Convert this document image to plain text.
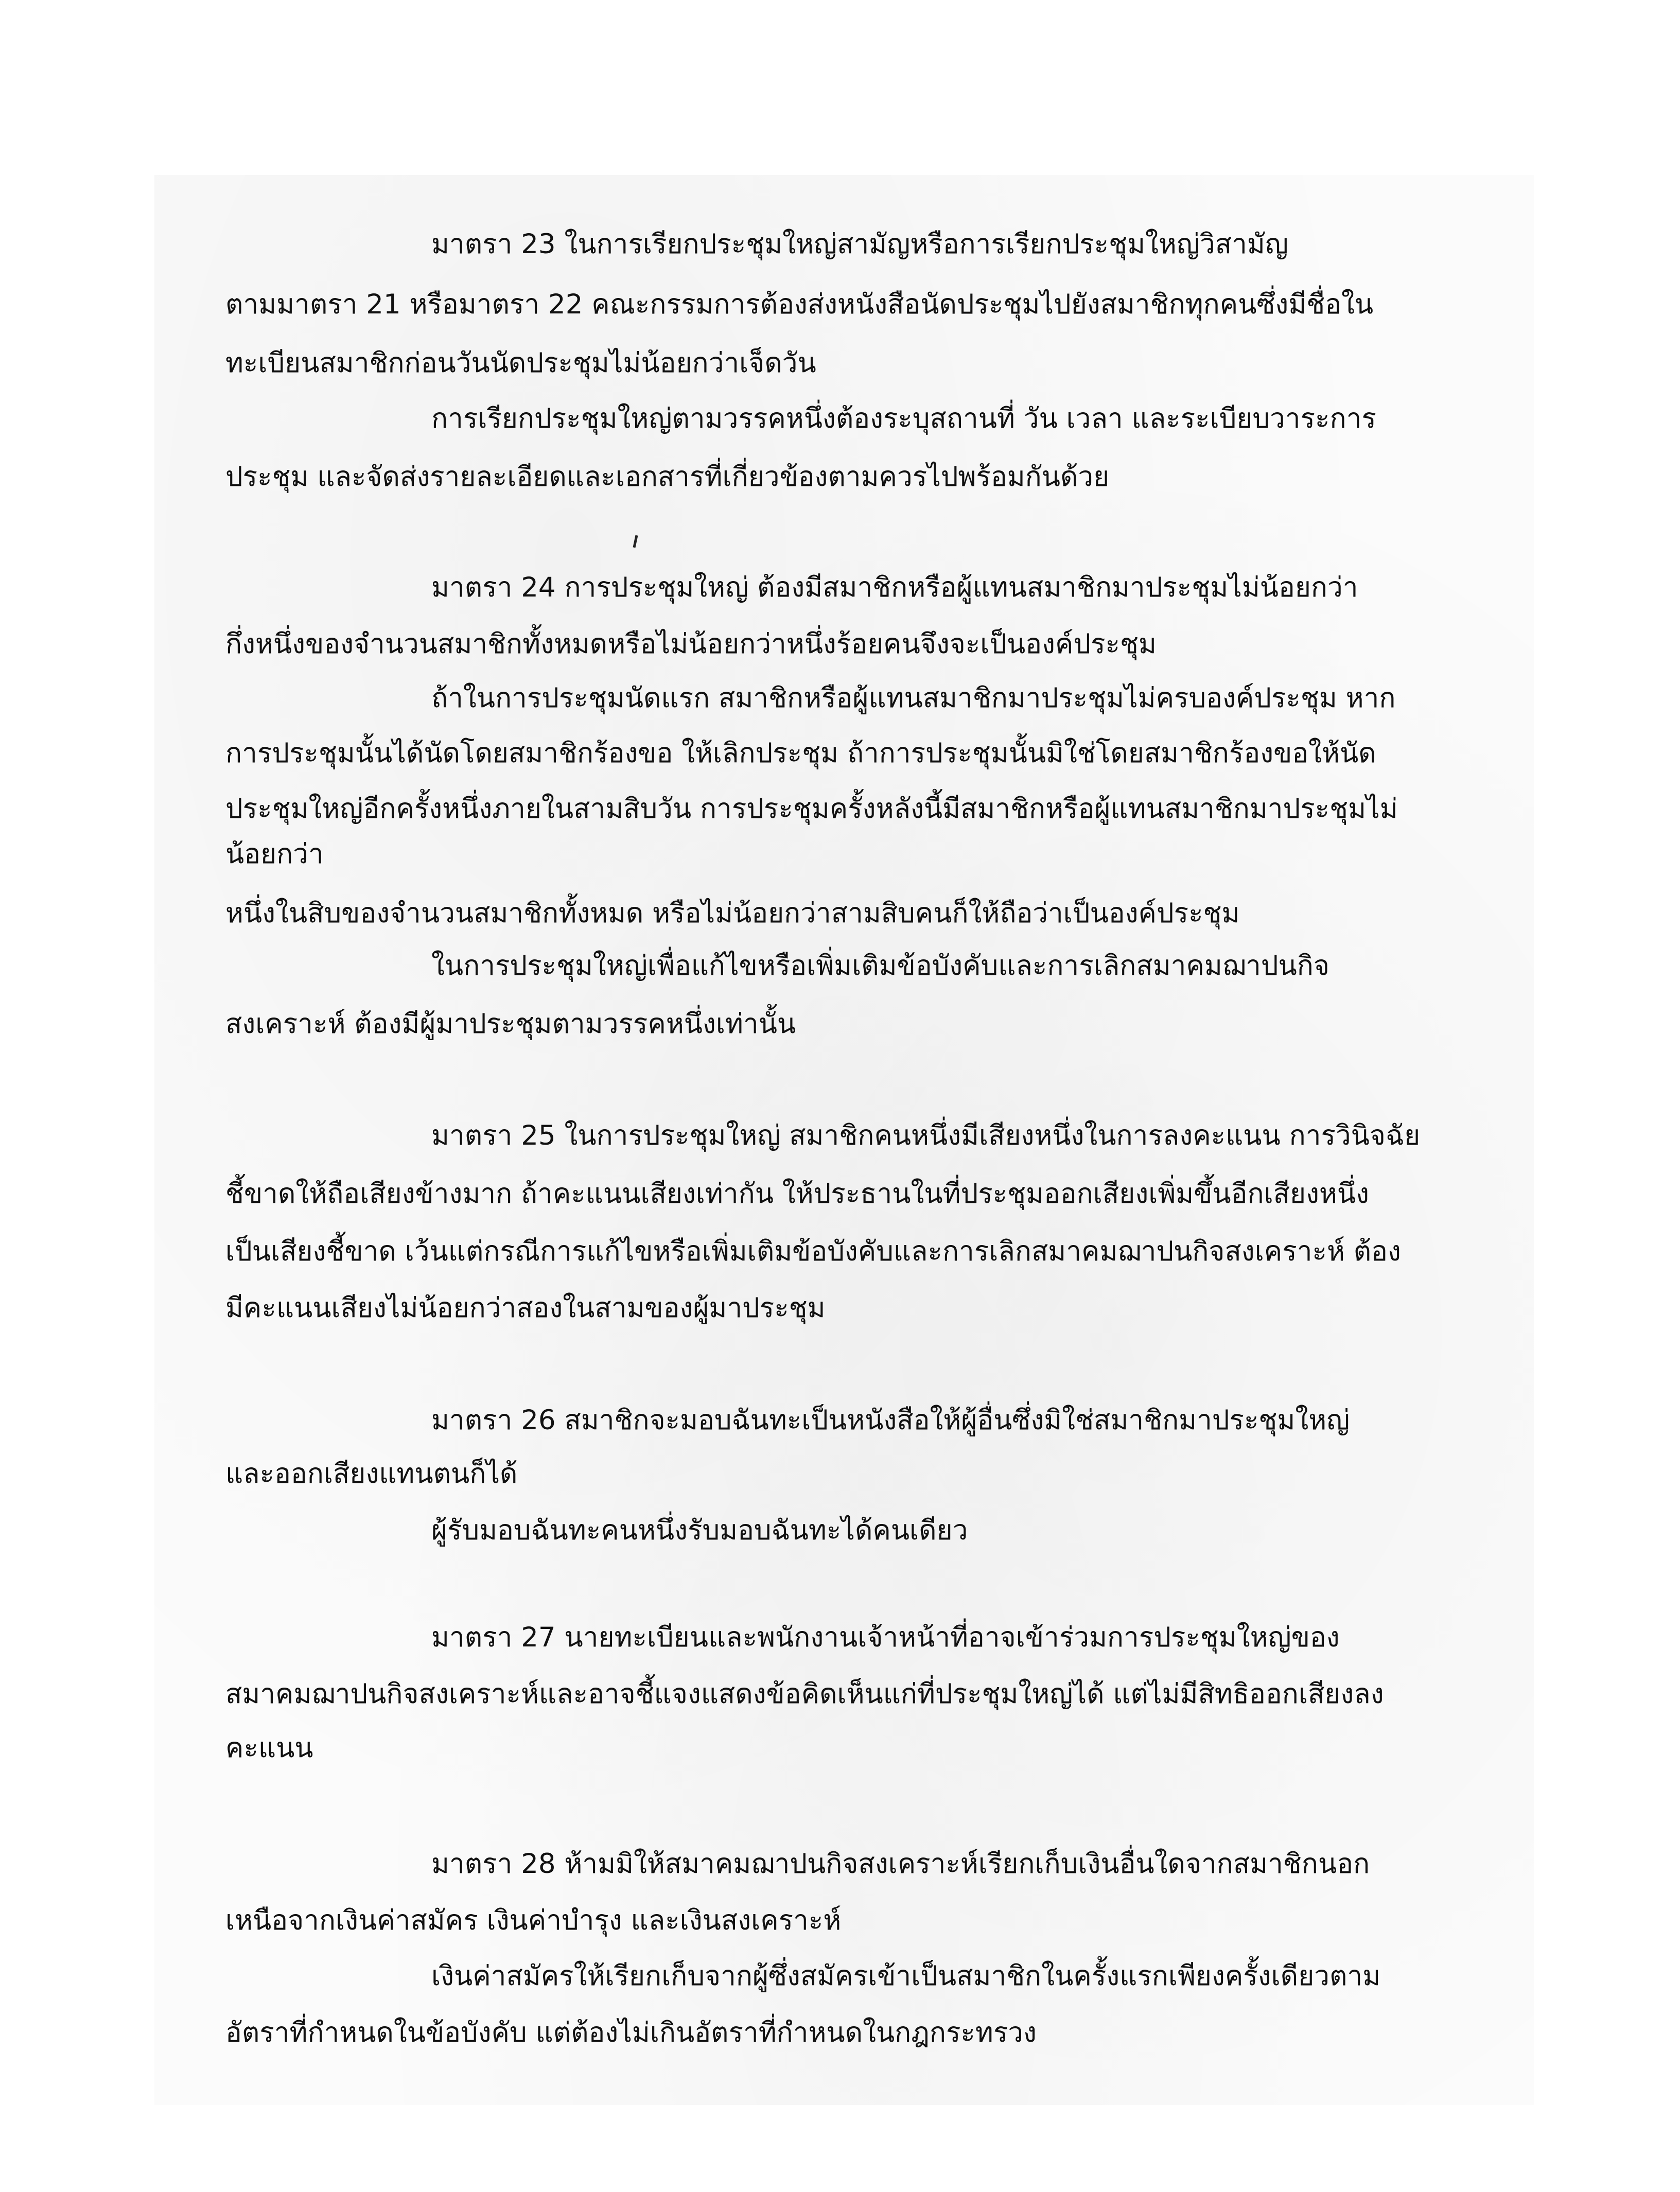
มาตรา 23 ในการเรียกประชุมใหญ่สามัญหรือการเรียกประชุมใหญ่วิสามัญ

ตามมาตรา 21 หรือมาตรา 22 คณะกรรมการต้องส่งหนังสือนัดประชุมไปยังสมาชิกทุกคนซึ่งมีชื่อใน

ทะเบียนสมาชิกก่อนวันนัดประชุมไม่น้อยกว่าเจ็ดวัน

การเรียกประชุมใหญ่ตามวรรคหนึ่งต้องระบุสถานที่ วัน เวลา และระเบียบวาระการ

ประชุม และจัดส่งรายละเอียดและเอกสารที่เกี่ยวข้องตามควรไปพร้อมกันด้วย

มาตรา 24 การประชุมใหญ่ ต้องมีสมาชิกหรือผู้แทนสมาชิกมาประชุมไม่น้อยกว่า

กึ่งหนึ่งของจำนวนสมาชิกทั้งหมดหรือไม่น้อยกว่าหนึ่งร้อยคนจึงจะเป็นองค์ประชุม

ถ้าในการประชุมนัดแรก สมาชิกหรือผู้แทนสมาชิกมาประชุมไม่ครบองค์ประชุม หาก

การประชุมนั้นได้นัดโดยสมาชิกร้องขอ ให้เลิกประชุม ถ้าการประชุมนั้นมิใช่โดยสมาชิกร้องขอให้นัด

ประชุมใหญ่อีกครั้งหนึ่งภายในสามสิบวัน การประชุมครั้งหลังนี้มีสมาชิกหรือผู้แทนสมาชิกมาประชุมไม่

น้อยกว่า

หนึ่งในสิบของจำนวนสมาชิกทั้งหมด หรือไม่น้อยกว่าสามสิบคนก็ให้ถือว่าเป็นองค์ประชุม

ในการประชุมใหญ่เพื่อแก้ไขหรือเพิ่มเติมข้อบังคับและการเลิกสมาคมฌาปนกิจ

สงเคราะห์ ต้องมีผู้มาประชุมตามวรรคหนึ่งเท่านั้น

มาตรา 25 ในการประชุมใหญ่ สมาชิกคนหนึ่งมีเสียงหนึ่งในการลงคะแนน การวินิจฉัย

ชี้ขาดให้ถือเสียงข้างมาก ถ้าคะแนนเสียงเท่ากัน ให้ประธานในที่ประชุมออกเสียงเพิ่มขึ้นอีกเสียงหนึ่ง

เป็นเสียงชี้ขาด เว้นแต่กรณีการแก้ไขหรือเพิ่มเติมข้อบังคับและการเลิกสมาคมฌาปนกิจสงเคราะห์ ต้อง

มีคะแนนเสียงไม่น้อยกว่าสองในสามของผู้มาประชุม

มาตรา 26 สมาชิกจะมอบฉันทะเป็นหนังสือให้ผู้อื่นซึ่งมิใช่สมาชิกมาประชุมใหญ่

และออกเสียงแทนตนก็ได้

ผู้รับมอบฉันทะคนหนึ่งรับมอบฉันทะได้คนเดียว

มาตรา 27 นายทะเบียนและพนักงานเจ้าหน้าที่อาจเข้าร่วมการประชุมใหญ่ของ

สมาคมฌาปนกิจสงเคราะห์และอาจชี้แจงแสดงข้อคิดเห็นแก่ที่ประชุมใหญ่ได้ แต่ไม่มีสิทธิออกเสียงลง

คะแนน

มาตรา 28 ห้ามมิให้สมาคมฌาปนกิจสงเคราะห์เรียกเก็บเงินอื่นใดจากสมาชิกนอก

เหนือจากเงินค่าสมัคร เงินค่าบำรุง และเงินสงเคราะห์

เงินค่าสมัครให้เรียกเก็บจากผู้ซึ่งสมัครเข้าเป็นสมาชิกในครั้งแรกเพียงครั้งเดียวตาม

อัตราที่กำหนดในข้อบังคับ แต่ต้องไม่เกินอัตราที่กำหนดในกฎกระทรวง
